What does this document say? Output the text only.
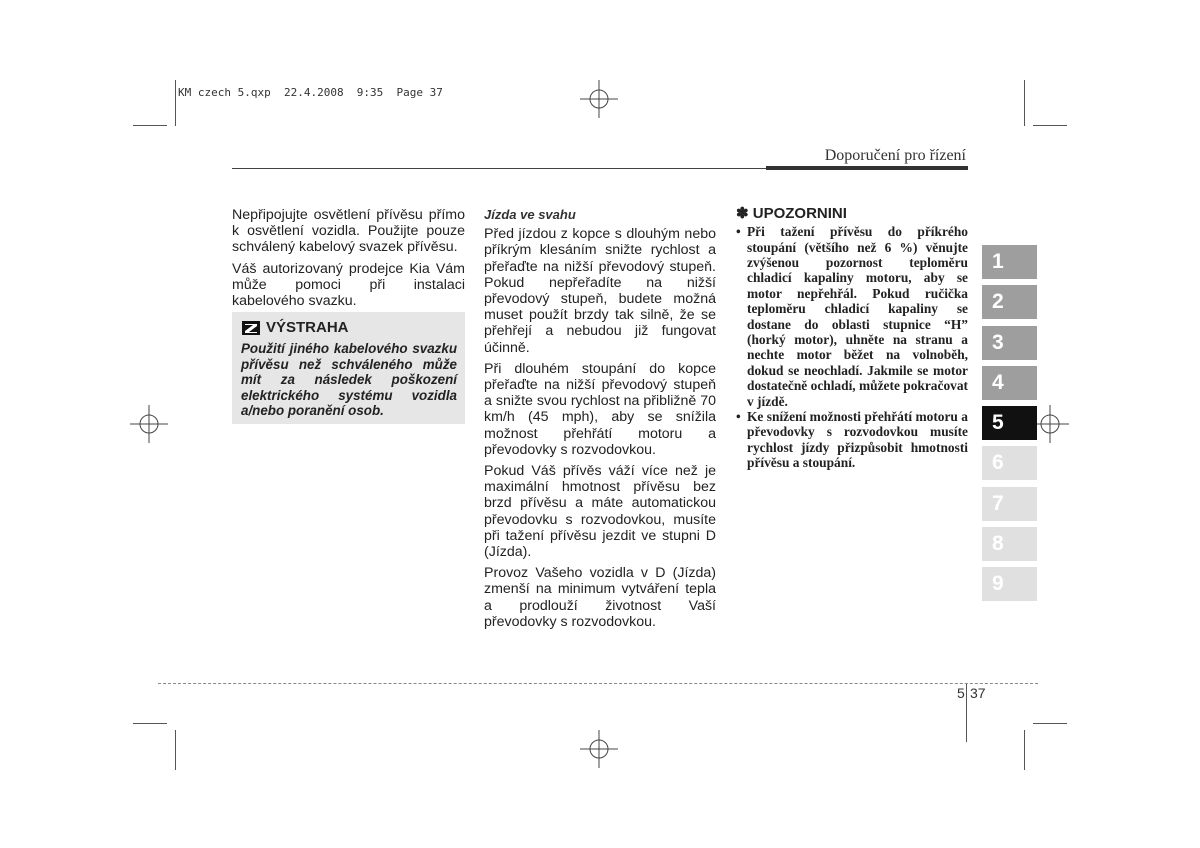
KM czech 5.qxp  22.4.2008  9:35  Page 37
Doporučení pro řízení

Nepřipojujte osvětlení přívěsu přímo k osvětlení vozidla. Použijte pouze schválený kabelový svazek přívěsu.

Váš autorizovaný prodejce Kia Vám může pomoci při instalaci kabelového svazku.

VÝSTRAHA
Použití jiného kabelového svazku přívěsu než schváleného může mít za následek poškození elektrického systému vozidla a/nebo poranění osob.
Jízda ve svahu

Před jízdou z kopce s dlouhým nebo příkrým klesáním snižte rychlost a přeřaďte na nižší převodový stupeň. Pokud nepřeřadíte na nižší převodový stupeň, budete možná muset použít brzdy tak silně, že se přehřejí a nebudou již fungovat účinně.

Při dlouhém stoupání do kopce přeřaďte na nižší převodový stupeň a snižte svou rychlost na přibližně 70 km/h (45 mph), aby se snížila možnost přehřátí motoru a převodovky s rozvodovkou.

Pokud Váš přívěs váží více než je maximální hmotnost přívěsu bez brzd přívěsu a máte automatickou převodovku s rozvodovkou, musíte při tažení přívěsu jezdit ve stupni D (Jízda).

Provoz Vašeho vozidla v D (Jízda) zmenší na minimum vytváření tepla a prodlouží životnost Vaší převodovky s rozvodovkou.

✽ UPOZORNINI
• Při tažení přívěsu do příkrého stoupání (většího než 6 %) věnujte zvýšenou pozornost teploměru chladicí kapaliny motoru, aby se motor nepřehřál. Pokud ručička teploměru chladicí kapaliny se dostane do oblasti stupnice “H” (horký motor), uhněte na stranu a nechte motor běžet na volnoběh, dokud se neochladí. Jakmile se motor dostatečně ochladí, můžete pokračovat v jízdě.
• Ke snížení možnosti přehřátí motoru a převodovky s rozvodovkou musíte rychlost jízdy přizpůsobit hmotnosti přívěsu a stoupání.
1
2
3
4
5
6
7
8
9
5 37
